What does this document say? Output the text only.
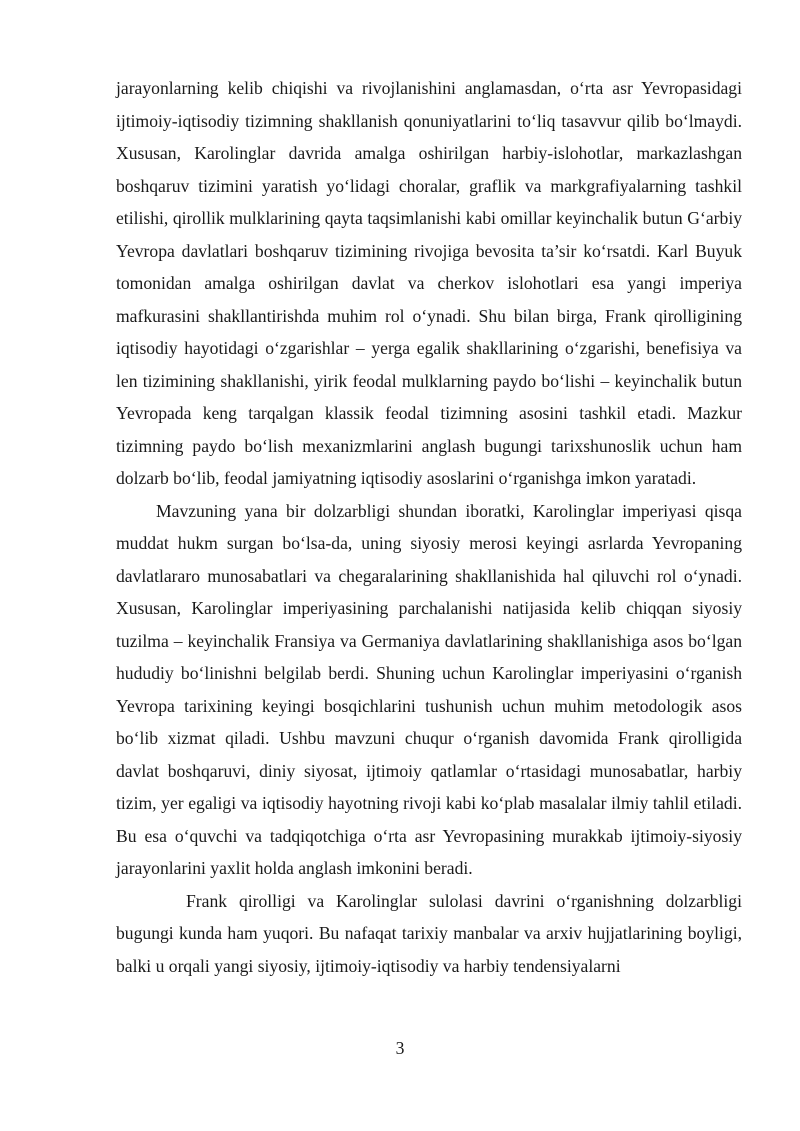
jarayonlarning kelib chiqishi va rivojlanishini anglamasdan, o‘rta asr Yevropasidagi ijtimoiy-iqtisodiy tizimning shakllanish qonuniyatlarini to‘liq tasavvur qilib bo‘lmaydi. Xususan, Karolinglar davrida amalga oshirilgan harbiy-islohotlar, markazlashgan boshqaruv tizimini yaratish yo‘lidagi choralar, graflik va markgrafiyalarning tashkil etilishi, qirollik mulklarining qayta taqsimlanishi kabi omillar keyinchalik butun G‘arbiy Yevropa davlatlari boshqaruv tizimining rivojiga bevosita ta’sir ko‘rsatdi. Karl Buyuk tomonidan amalga oshirilgan davlat va cherkov islohotlari esa yangi imperiya mafkurasini shakllantirishda muhim rol o‘ynadi. Shu bilan birga, Frank qirolligining iqtisodiy hayotidagi o‘zgarishlar – yerga egalik shakllarining o‘zgarishi, benefisiya va len tizimining shakllanishi, yirik feodal mulklarning paydo bo‘lishi – keyinchalik butun Yevropada keng tarqalgan klassik feodal tizimning asosini tashkil etadi. Mazkur tizimning paydo bo‘lish mexanizmlarini anglash bugungi tarixshunoslik uchun ham dolzarb bo‘lib, feodal jamiyatning iqtisodiy asoslarini o‘rganishga imkon yaratadi.

Mavzuning yana bir dolzarbligi shundan iboratki, Karolinglar imperiyasi qisqa muddat hukm surgan bo‘lsa-da, uning siyosiy merosi keyingi asrlarda Yevropaning davlatlararo munosabatlari va chegaralarining shakllanishida hal qiluvchi rol o‘ynadi. Xususan, Karolinglar imperiyasining parchalanishi natijasida kelib chiqqan siyosiy tuzilma – keyinchalik Fransiya va Germaniya davlatlarining shakllanishiga asos bo‘lgan hududiy bo‘linishni belgilab berdi. Shuning uchun Karolinglar imperiyasini o‘rganish Yevropa tarixining keyingi bosqichlarini tushunish uchun muhim metodologik asos bo‘lib xizmat qiladi. Ushbu mavzuni chuqur o‘rganish davomida Frank qirolligida davlat boshqaruvi, diniy siyosat, ijtimoiy qatlamlar o‘rtasidagi munosabatlar, harbiy tizim, yer egaligi va iqtisodiy hayotning rivoji kabi ko‘plab masalalar ilmiy tahlil etiladi. Bu esa o‘quvchi va tadqiqotchiga o‘rta asr Yevropasining murakkab ijtimoiy-siyosiy jarayonlarini yaxlit holda anglash imkonini beradi.

Frank qirolligi va Karolinglar sulolasi davrini o‘rganishning dolzarbligi bugungi kunda ham yuqori. Bu nafaqat tarixiy manbalar va arxiv hujjatlarining boyligi, balki u orqali yangi siyosiy, ijtimoiy-iqtisodiy va harbiy tendensiyalarni

3
